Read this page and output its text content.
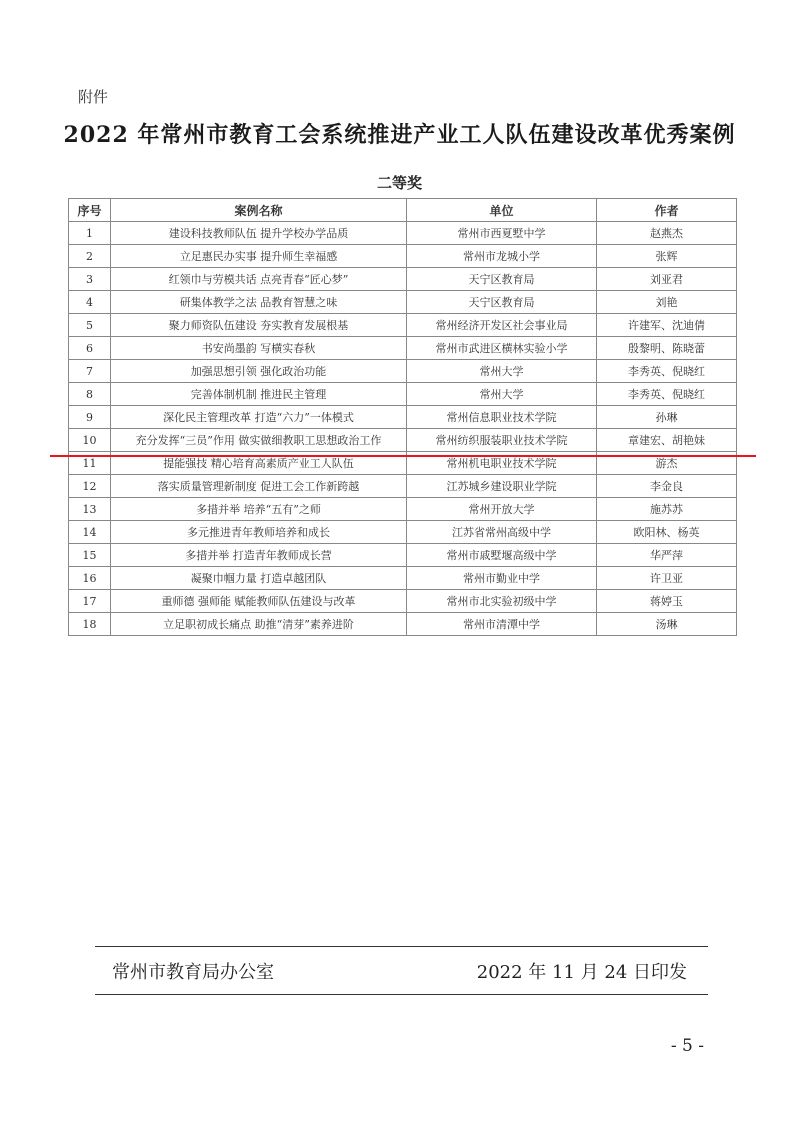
附件
2022 年常州市教育工会系统推进产业工人队伍建设改革优秀案例
二等奖
序号	案例名称	单位	作者
1	建设科技教师队伍 提升学校办学品质	常州市西夏墅中学	赵燕杰
2	立足惠民办实事 提升师生幸福感	常州市龙城小学	张辉
3	红领巾与劳模共话 点亮青春“匠心梦”	天宁区教育局	刘亚君
4	研集体教学之法 品教育智慧之味	天宁区教育局	刘艳
5	聚力师资队伍建设 夯实教育发展根基	常州经济开发区社会事业局	许建军、沈迪倩
6	书安尚墨韵 写横实春秋	常州市武进区横林实验小学	殷黎明、陈晓蕾
7	加强思想引领 强化政治功能	常州大学	李秀英、倪晓红
8	完善体制机制 推进民主管理	常州大学	李秀英、倪晓红
9	深化民主管理改革 打造“六力”一体模式	常州信息职业技术学院	孙琳
10	充分发挥“三员”作用 做实做细教职工思想政治工作	常州纺织服装职业技术学院	章建宏、胡艳妹
11	提能强技 精心培育高素质产业工人队伍	常州机电职业技术学院	游杰
12	落实质量管理新制度 促进工会工作新跨越	江苏城乡建设职业学院	李金良
13	多措并举 培养“五有”之师	常州开放大学	施苏苏
14	多元推进青年教师培养和成长	江苏省常州高级中学	欧阳林、杨英
15	多措并举 打造青年教师成长营	常州市戚墅堰高级中学	华严萍
16	凝聚巾帼力量 打造卓越团队	常州市勤业中学	许卫亚
17	重师德 强师能 赋能教师队伍建设与改革	常州市北实验初级中学	蒋婷玉
18	立足职初成长痛点 助推“清芽”素养进阶	常州市清潭中学	汤琳
常州市教育局办公室	2022 年 11 月 24 日印发
- 5 -
